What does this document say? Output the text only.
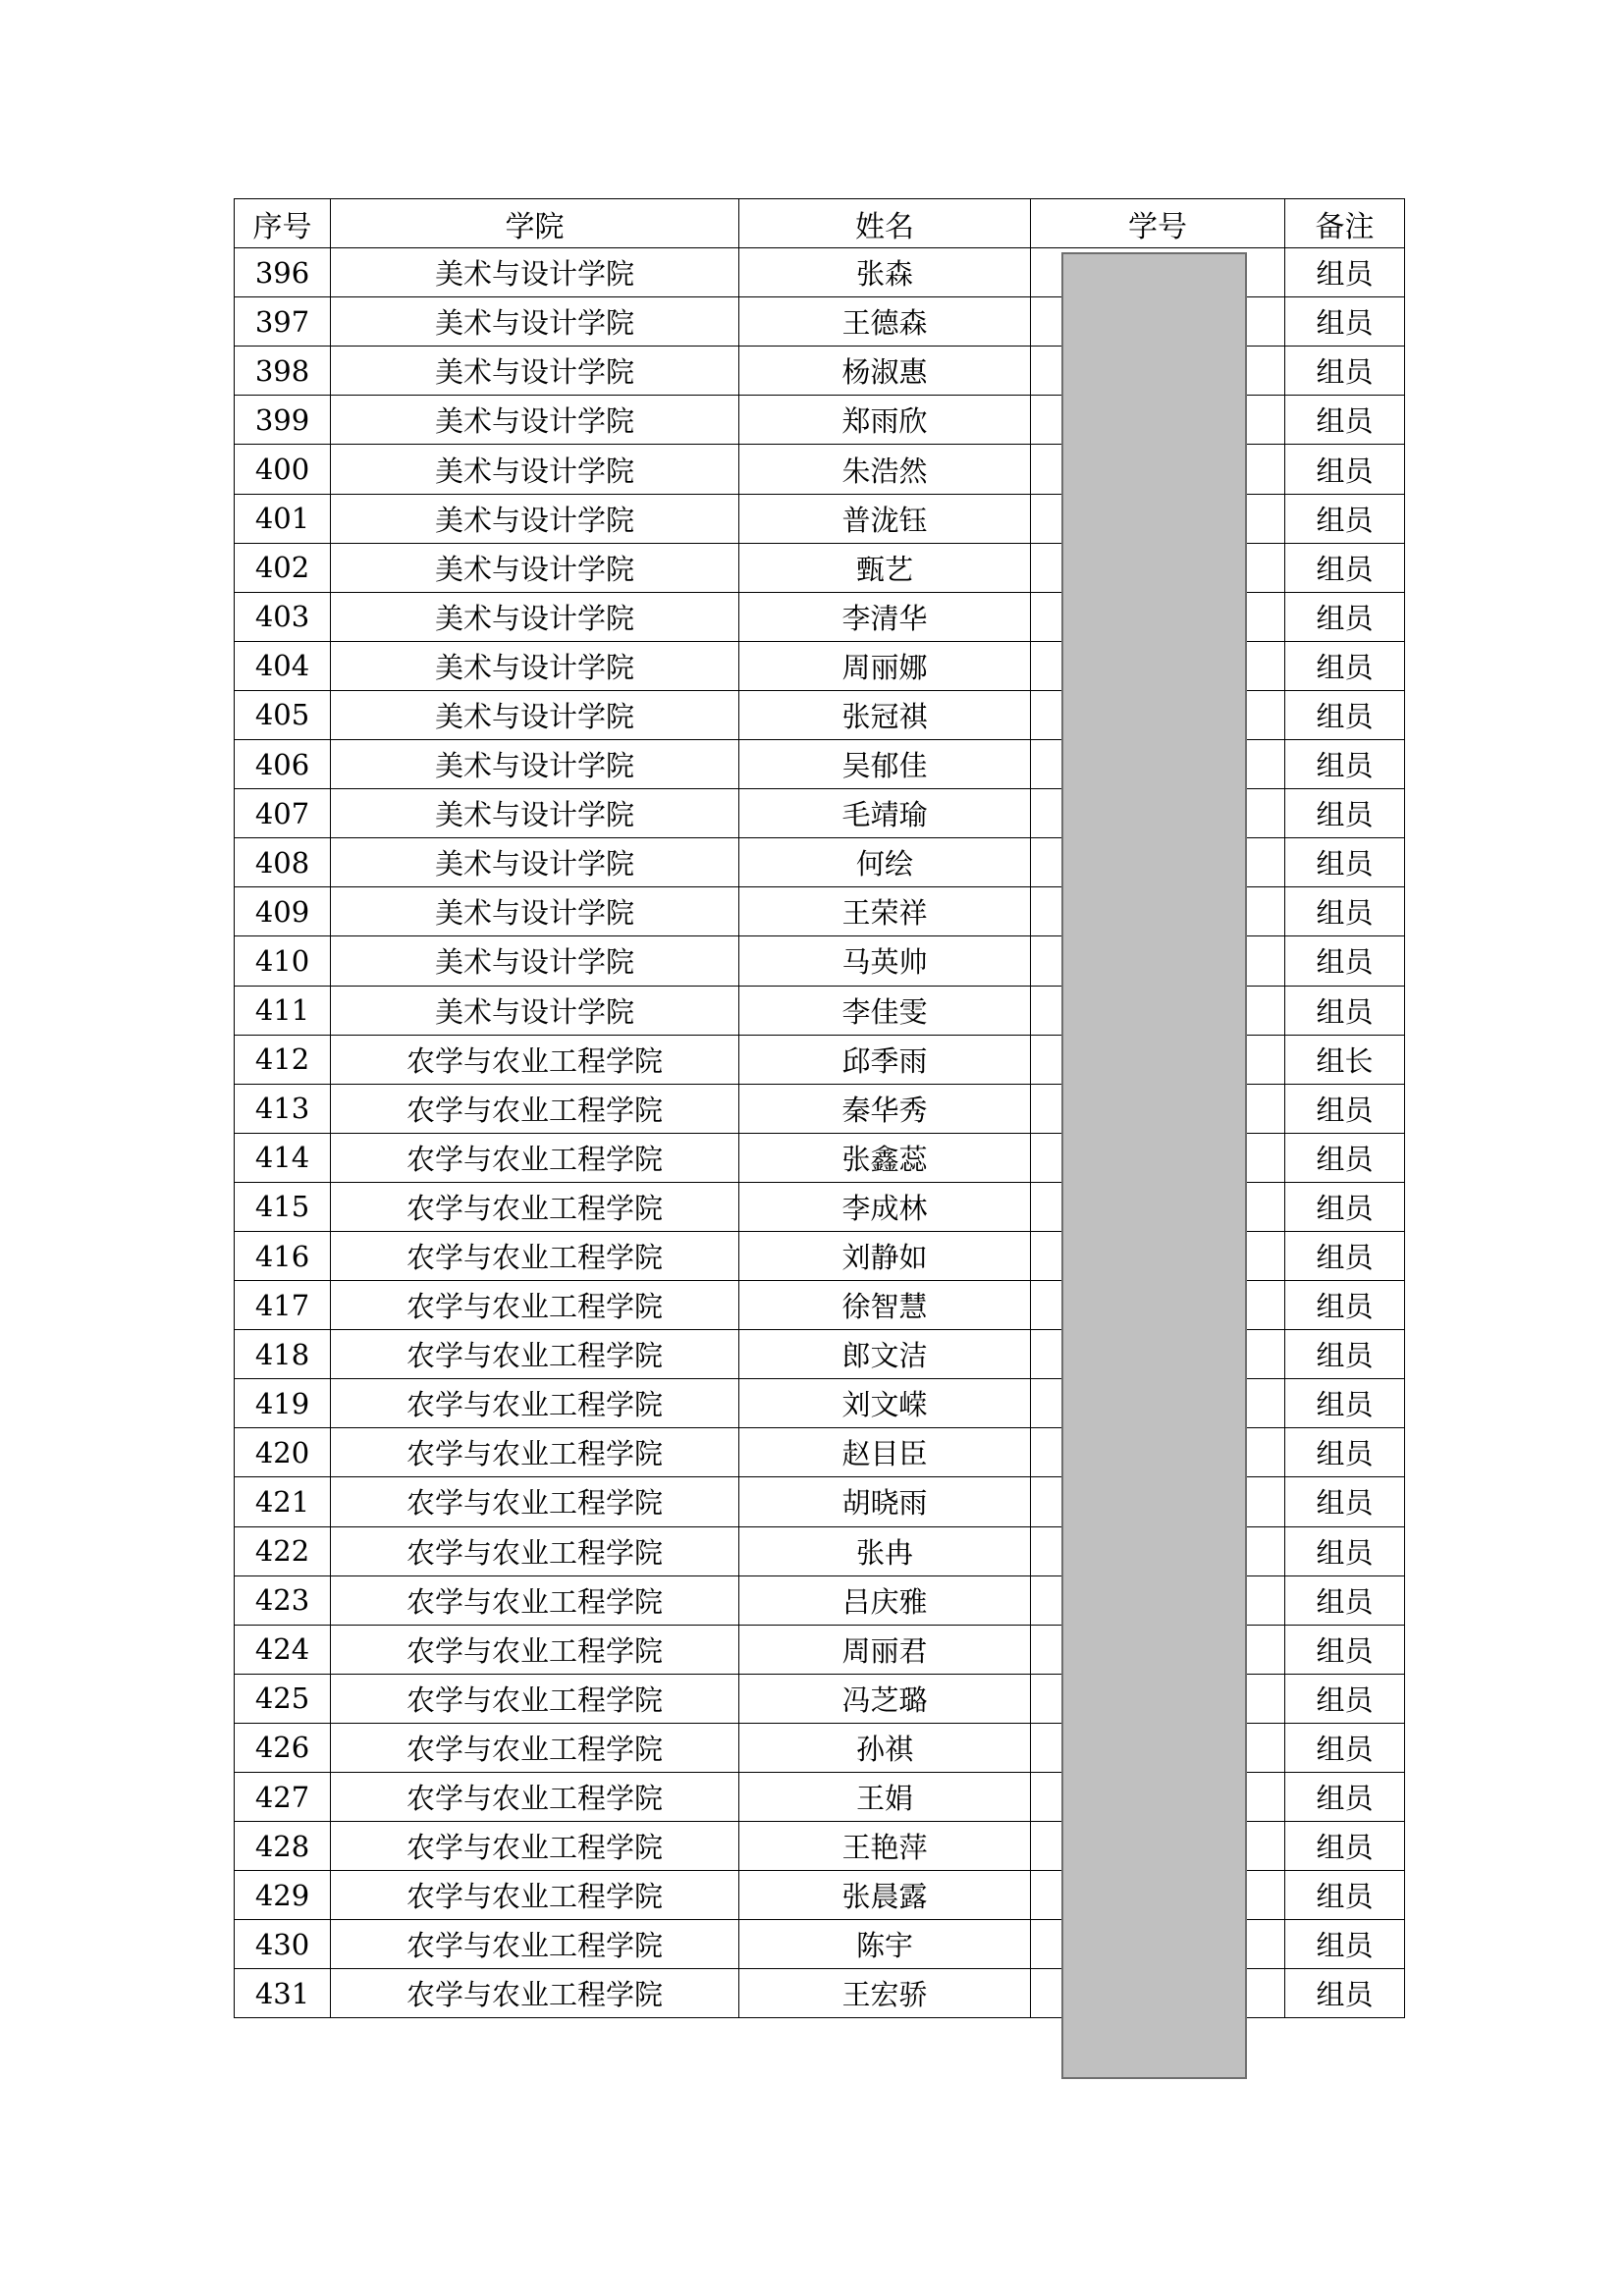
序号	学院	姓名	学号	备注
396	美术与设计学院	张森		组员
397	美术与设计学院	王德森		组员
398	美术与设计学院	杨淑惠		组员
399	美术与设计学院	郑雨欣		组员
400	美术与设计学院	朱浩然		组员
401	美术与设计学院	普泷钰		组员
402	美术与设计学院	甄艺		组员
403	美术与设计学院	李清华		组员
404	美术与设计学院	周丽娜		组员
405	美术与设计学院	张冠祺		组员
406	美术与设计学院	吴郁佳		组员
407	美术与设计学院	毛靖瑜		组员
408	美术与设计学院	何绘		组员
409	美术与设计学院	王荣祥		组员
410	美术与设计学院	马英帅		组员
411	美术与设计学院	李佳雯		组员
412	农学与农业工程学院	邱季雨		组长
413	农学与农业工程学院	秦华秀		组员
414	农学与农业工程学院	张鑫蕊		组员
415	农学与农业工程学院	李成林		组员
416	农学与农业工程学院	刘静如		组员
417	农学与农业工程学院	徐智慧		组员
418	农学与农业工程学院	郎文洁		组员
419	农学与农业工程学院	刘文嵘		组员
420	农学与农业工程学院	赵目臣		组员
421	农学与农业工程学院	胡晓雨		组员
422	农学与农业工程学院	张冉		组员
423	农学与农业工程学院	吕庆雅		组员
424	农学与农业工程学院	周丽君		组员
425	农学与农业工程学院	冯芝璐		组员
426	农学与农业工程学院	孙祺		组员
427	农学与农业工程学院	王娟		组员
428	农学与农业工程学院	王艳萍		组员
429	农学与农业工程学院	张晨露		组员
430	农学与农业工程学院	陈宇		组员
431	农学与农业工程学院	王宏骄		组员
